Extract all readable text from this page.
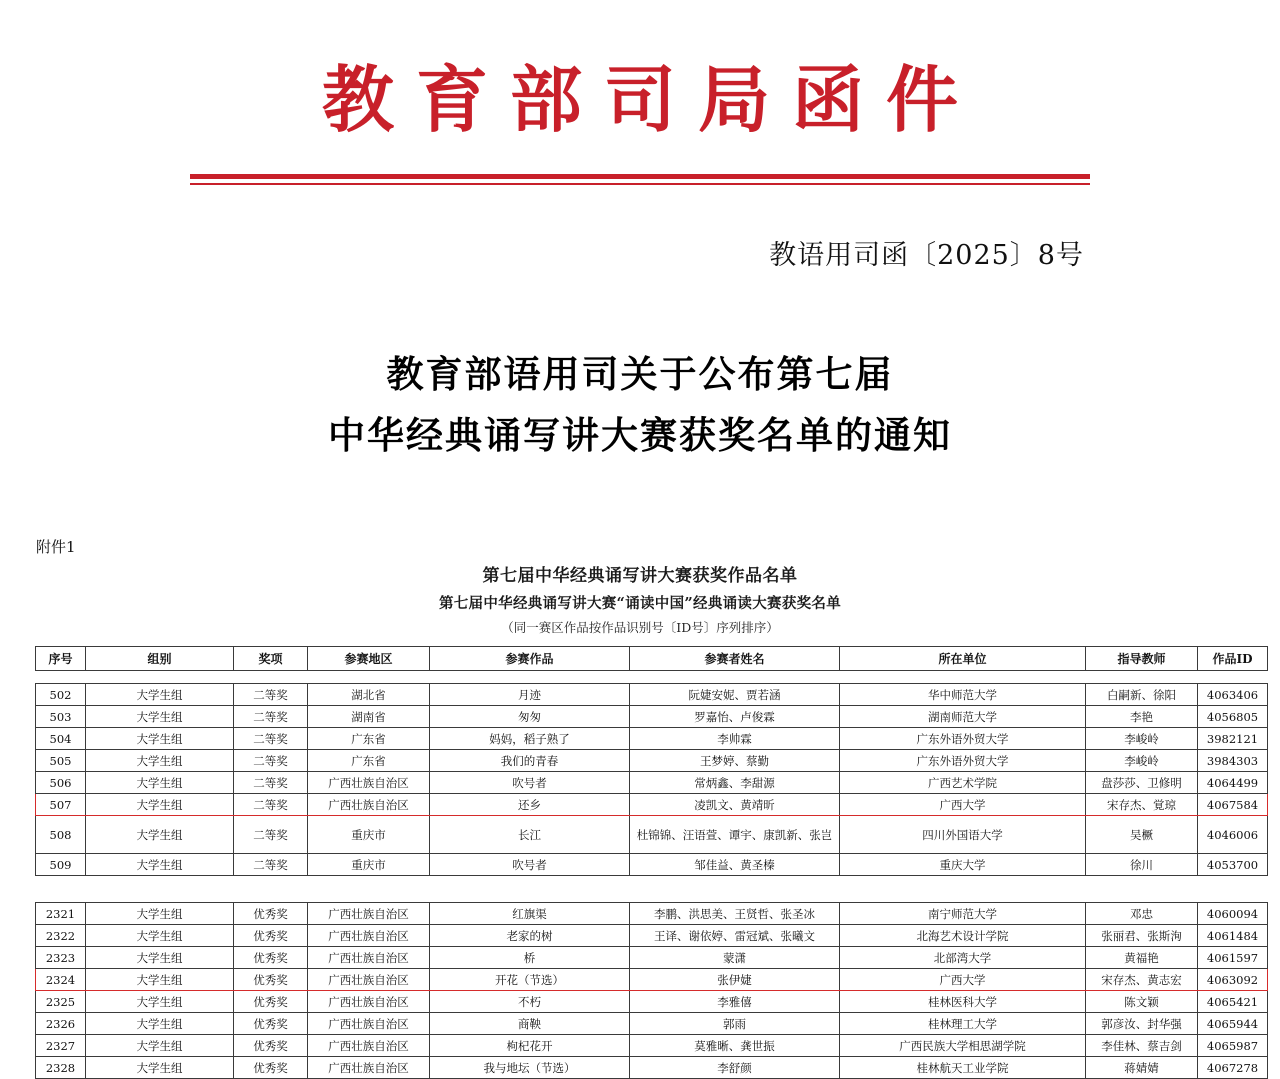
教育部司局函件
教语用司函〔2025〕8号
教育部语用司关于公布第七届
中华经典诵写讲大赛获奖名单的通知
附件1
第七届中华经典诵写讲大赛获奖作品名单
第七届中华经典诵写讲大赛“诵读中国”经典诵读大赛获奖名单
（同一赛区作品按作品识别号〔ID号〕序列排序）
序号	组别	奖项	参赛地区	参赛作品	参赛者姓名	所在单位	指导教师	作品ID
502	大学生组	二等奖	湖北省	月迹	阮婕安妮、贾若涵	华中师范大学	白嗣新、徐阳	4063406
503	大学生组	二等奖	湖南省	匆匆	罗嘉怡、卢俊霖	湖南师范大学	李艳	4056805
504	大学生组	二等奖	广东省	妈妈，稻子熟了	李帅霖	广东外语外贸大学	李峻岭	3982121
505	大学生组	二等奖	广东省	我们的青春	王梦婷、蔡勤	广东外语外贸大学	李峻岭	3984303
506	大学生组	二等奖	广西壮族自治区	吹号者	常炳鑫、李甜源	广西艺术学院	盘莎莎、卫修明	4064499
507	大学生组	二等奖	广西壮族自治区	还乡	凌凯文、黄靖昕	广西大学	宋存杰、覚琼	4067584
508	大学生组	二等奖	重庆市	长江	杜锦锦、汪语萱、谭宇、康凯新、张岂	四川外国语大学	吴橛	4046006
509	大学生组	二等奖	重庆市	吹号者	邹佳益、黄圣榛	重庆大学	徐川	4053700
2321	大学生组	优秀奖	广西壮族自治区	红旗渠	李鹏、洪思美、王贤哲、张圣冰	南宁师范大学	邓忠	4060094
2322	大学生组	优秀奖	广西壮族自治区	老家的树	王译、谢依婷、雷冠斌、张曦文	北海艺术设计学院	张丽君、张斯洵	4061484
2323	大学生组	优秀奖	广西壮族自治区	桥	蒙潇	北部湾大学	黄福艳	4061597
2324	大学生组	优秀奖	广西壮族自治区	开花（节选）	张伊婕	广西大学	宋存杰、黄志宏	4063092
2325	大学生组	优秀奖	广西壮族自治区	不朽	李雅僖	桂林医科大学	陈文颖	4065421
2326	大学生组	优秀奖	广西壮族自治区	商鞅	郭雨	桂林理工大学	郭彦汝、封华强	4065944
2327	大学生组	优秀奖	广西壮族自治区	枸杞花开	莫雅晰、龚世振	广西民族大学相思湖学院	李佳林、蔡吉剑	4065987
2328	大学生组	优秀奖	广西壮族自治区	我与地坛（节选）	李舒颜	桂林航天工业学院	蒋婧婧	4067278
